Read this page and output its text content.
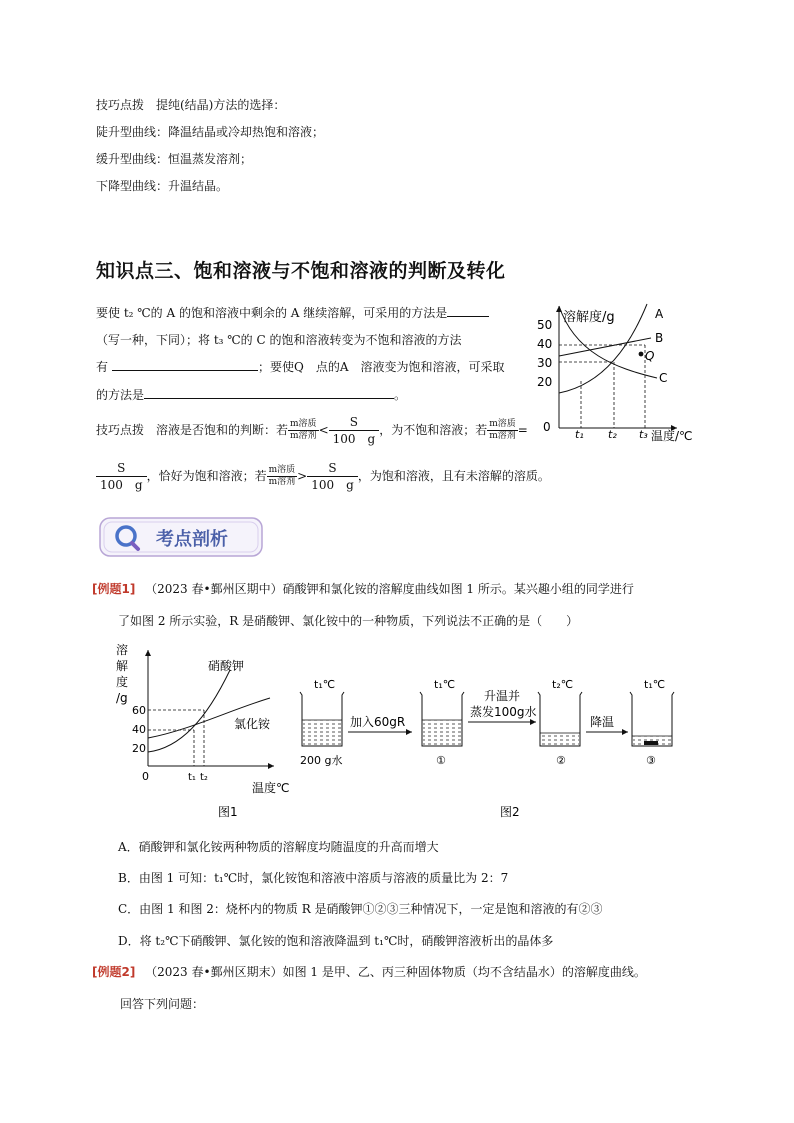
技巧点拨　提纯(结晶)方法的选择：
陡升型曲线：降温结晶或冷却热饱和溶液；
缓升型曲线：恒温蒸发溶剂；
下降型曲线：升温结晶。
知识点三、饱和溶液与不饱和溶液的判断及转化
要使 t₂ ℃的 A 的饱和溶液中剩余的 A 继续溶解，可采用的方法是
（写一种，下同）；将 t₃ ℃的 C 的饱和溶液转变为不饱和溶液的方法
有	；要使Q　点的A　溶液变为饱和溶液，可采取
的方法是	。
技巧点拨　溶液是否饱和的判断：若 $\frac{\text{m溶质}}{\text{m溶剂}} < \frac{S}{100 g}$ ，为不饱和溶液；若 $\frac{\text{m溶质}}{\text{m溶剂}}$ =
$\frac{S}{100 g}$ ，恰好为饱和溶液；若 $\frac{\text{m溶质}}{\text{m溶剂}} > \frac{S}{100 g}$ ，为饱和溶液，且有未溶解的溶质。
溶解度/g
温度/℃
50
40
30
20
0
A
B
C
Q
t₁ t₂ t₃
考点剖析
[例题1] （2023 春•鄞州区期中）硝酸钾和氯化铵的溶解度曲线如图 1 所示。某兴趣小组的同学进行
了如图 2 所示实验，R 是硝酸钾、氯化铵中的一种物质，下列说法不正确的是（　　）
溶
解
度
/g
60
40
20
0
硝酸钾
氯化铵
t₁ t₂
温度℃
图1
t₁℃
200 g水
加入60gR
t₁℃
①
升温并
蒸发100g水
t₂℃
②
降温
t₁℃
③
图2
A．硝酸钾和氯化铵两种物质的溶解度均随温度的升高而增大
B．由图 1 可知：t₁℃时，氯化铵饱和溶液中溶质与溶液的质量比为 2：7
C．由图 1 和图 2：烧杯内的物质 R 是硝酸钾①②③三种情况下，一定是饱和溶液的有②③
D．将 t₂℃下硝酸钾、氯化铵的饱和溶液降温到 t₁℃时，硝酸钾溶液析出的晶体多
[例题2] （2023 春•鄞州区期末）如图 1 是甲、乙、丙三种固体物质（均不含结晶水）的溶解度曲线。
回答下列问题：
